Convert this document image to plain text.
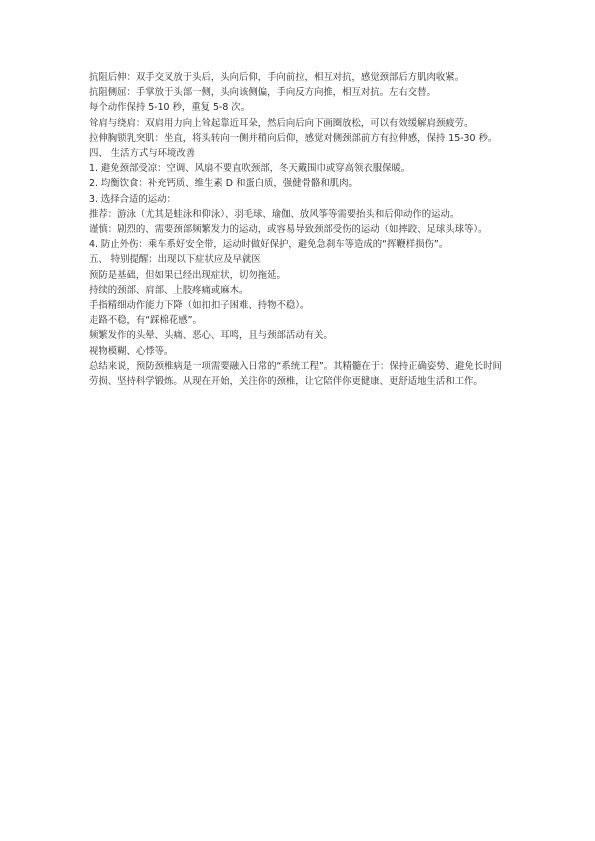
抗阻后伸：双手交叉放于头后，头向后仰，手向前拉，相互对抗，感觉颈部后方肌肉收紧。

抗阻侧屈：手掌放于头部一侧，头向该侧偏，手向反方向推，相互对抗。左右交替。

每个动作保持 5-10 秒，重复 5-8 次。

耸肩与绕肩：双肩用力向上耸起靠近耳朵，然后向后向下画圈放松，可以有效缓解肩颈疲劳。

拉伸胸锁乳突肌：坐直，将头转向一侧并稍向后仰，感觉对侧颈部前方有拉伸感，保持 15-30 秒。

四、 生活方式与环境改善

1. 避免颈部受凉：空调、风扇不要直吹颈部，冬天戴围巾或穿高领衣服保暖。

2. 均衡饮食：补充钙质、维生素 D 和蛋白质，强健骨骼和肌肉。

3. 选择合适的运动：

推荐：游泳（尤其是蛙泳和仰泳）、羽毛球、瑜伽、放风筝等需要抬头和后仰动作的运动。

谨慎：剧烈的、需要颈部频繁发力的运动，或容易导致颈部受伤的运动（如摔跤、足球头球等）。

4. 防止外伤：乘车系好安全带，运动时做好保护，避免急刹车等造成的“挥鞭样损伤”。

五、 特别提醒：出现以下症状应及早就医

预防是基础，但如果已经出现症状，切勿拖延。

持续的颈部、肩部、上肢疼痛或麻木。

手指精细动作能力下降（如扣扣子困难、持物不稳）。

走路不稳，有“踩棉花感”。

频繁发作的头晕、头痛、恶心、耳鸣，且与颈部活动有关。

视物模糊、心悸等。

总结来说，预防颈椎病是一项需要融入日常的“系统工程”。其精髓在于：保持正确姿势、避免长时间劳损、坚持科学锻炼。从现在开始，关注你的颈椎，让它陪伴你更健康、更舒适地生活和工作。
